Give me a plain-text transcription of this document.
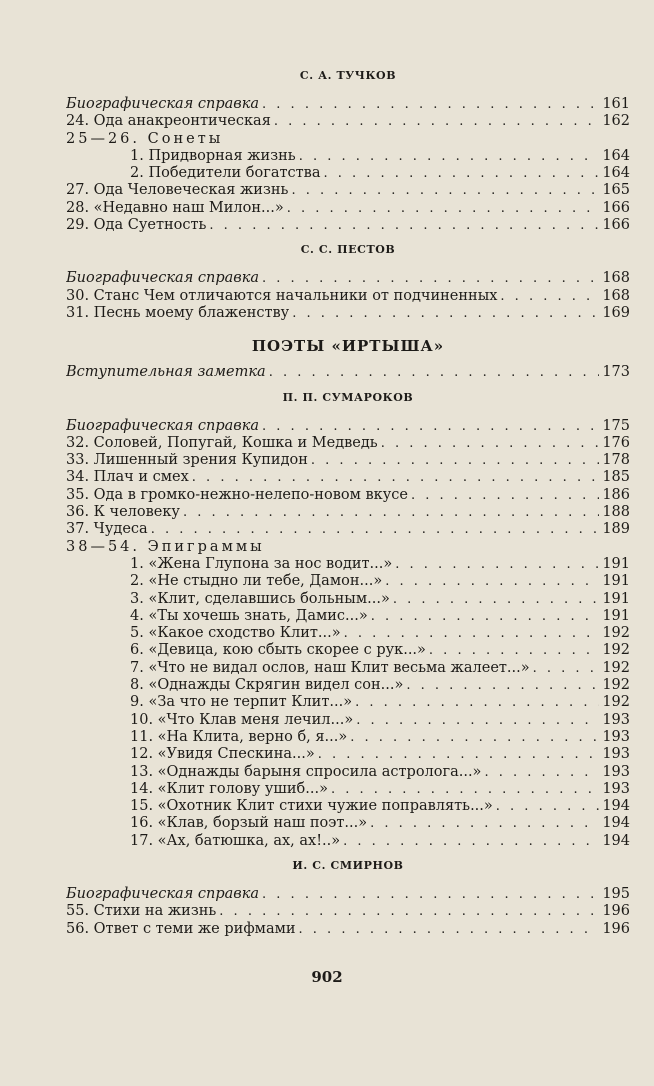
С. А. ТУЧКОВ
Биографическая справка . . .	161
24. Ода анакреонтическая . . .	162
25—26. Сонеты
1. Придворная жизнь . . .	164
2. Победители богатства . . .	164
27. Ода Человеческая жизнь . . .	165
28. «Недавно наш Милон...» . . .	166
29. Ода Суетность . . .	166
С. С. ПЕСТОВ
Биографическая справка . . .	168
30. Станс Чем отличаются начальники от подчиненных . . .	168
31. Песнь моему блаженству . . .	169
ПОЭТЫ «ИРТЫША»
Вступительная заметка . . .	173
П. П. СУМАРОКОВ
Биографическая справка . . .	175
32. Соловей, Попугай, Кошка и Медведь . . .	176
33. Лишенный зрения Купидон . . .	178
34. Плач и смех . . .	185
35. Ода в громко-нежно-нелепо-новом вкусе . . .	186
36. К человеку . . .	188
37. Чудеса . . .	189
38—54. Эпиграммы
1. «Жена Глупона за нос водит...» . . .	191
2. «Не стыдно ли тебе, Дамон...» . . .	191
3. «Клит, сделавшись больным...» . . .	191
4. «Ты хочешь знать, Дамис...» . . .	191
5. «Какое сходство Клит...» . . .	192
6. «Девица, кою сбыть скорее с рук...» . . .	192
7. «Что не видал ослов, наш Клит весьма жалеет...» . . .	192
8. «Однажды Скрягин видел сон...» . . .	192
9. «За что не терпит Клит...» . . .	192
10. «Что Клав меня лечил...» . . .	193
11. «На Клита, верно б, я...» . . .	193
12. «Увидя Спескина...» . . .	193
13. «Однажды барыня спросила астролога...» . . .	193
14. «Клит голову ушиб...» . . .	193
15. «Охотник Клит стихи чужие поправлять...» . . .	194
16. «Клав, борзый наш поэт...» . . .	194
17. «Ах, батюшка, ах, ах!..» . . .	194
И. С. СМИРНОВ
Биографическая справка . . .	195
55. Стихи на жизнь . . .	196
56. Ответ с теми же рифмами . . .	196
902
